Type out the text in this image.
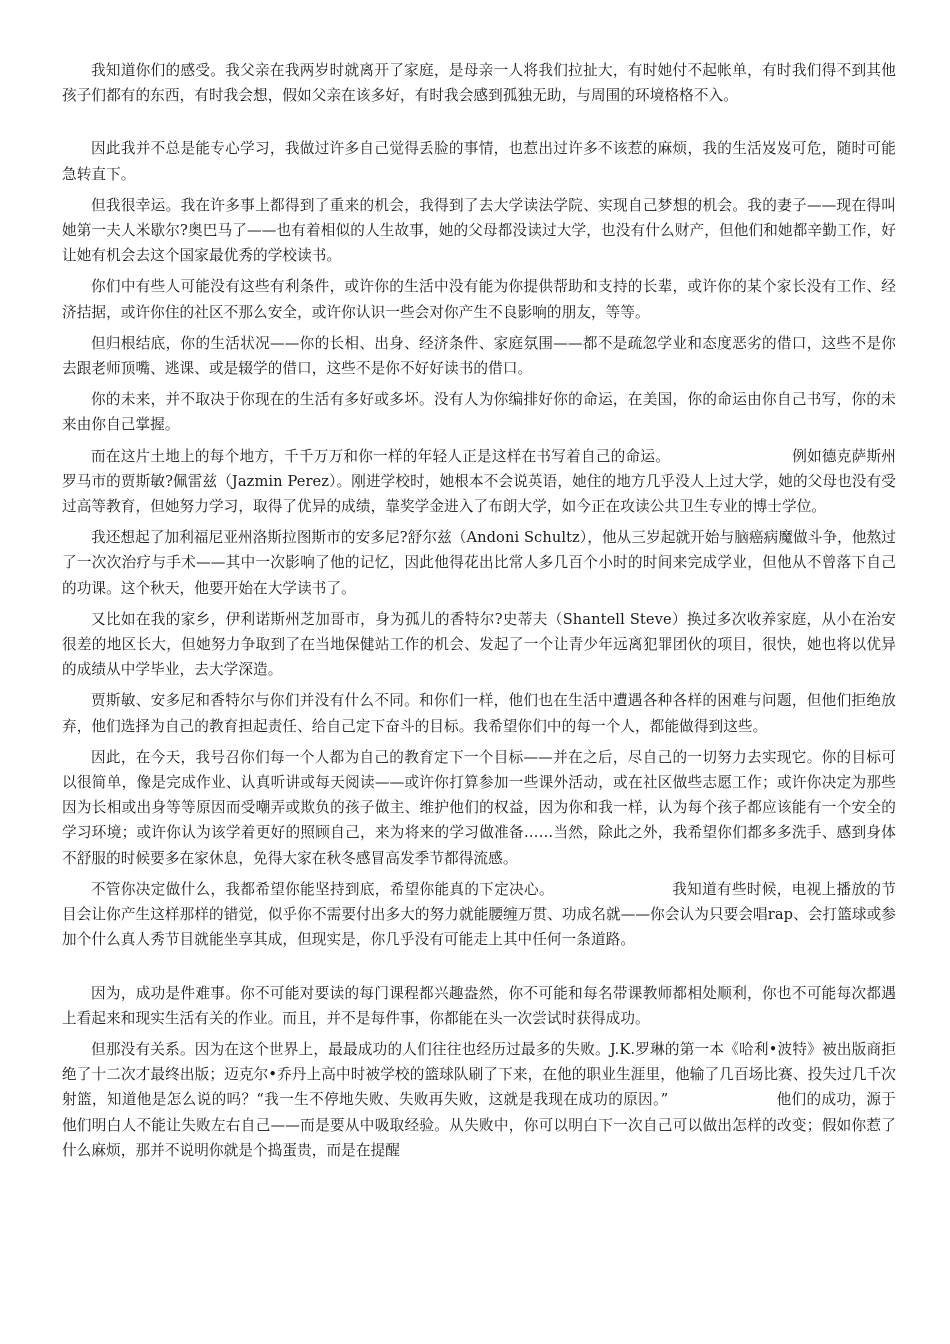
我知道你们的感受。我父亲在我两岁时就离开了家庭，是母亲一人将我们拉扯大，有时她付不起帐单，有时我们得不到其他孩子们都有的东西，有时我会想，假如父亲在该多好，有时我会感到孤独无助，与周围的环境格格不入。

因此我并不总是能专心学习，我做过许多自己觉得丢脸的事情，也惹出过许多不该惹的麻烦，我的生活岌岌可危，随时可能急转直下。

但我很幸运。我在许多事上都得到了重来的机会，我得到了去大学读法学院、实现自己梦想的机会。我的妻子——现在得叫她第一夫人米歇尔?奥巴马了——也有着相似的人生故事，她的父母都没读过大学，也没有什么财产，但他们和她都辛勤工作，好让她有机会去这个国家最优秀的学校读书。

你们中有些人可能没有这些有利条件，或许你的生活中没有能为你提供帮助和支持的长辈，或许你的某个家长没有工作、经济拮据，或许你住的社区不那么安全，或许你认识一些会对你产生不良影响的朋友，等等。

但归根结底，你的生活状况——你的长相、出身、经济条件、家庭氛围——都不是疏忽学业和态度恶劣的借口，这些不是你去跟老师顶嘴、逃课、或是辍学的借口，这些不是你不好好读书的借口。

你的未来，并不取决于你现在的生活有多好或多坏。没有人为你编排好你的命运，在美国，你的命运由你自己书写，你的未来由你自己掌握。

而在这片土地上的每个地方，千千万万和你一样的年轻人正是这样在书写着自己的命运。	例如德克萨斯州罗马市的贾斯敏?佩雷兹（Jazmin Perez）。刚进学校时，她根本不会说英语，她住的地方几乎没人上过大学，她的父母也没有受过高等教育，但她努力学习，取得了优异的成绩，靠奖学金进入了布朗大学，如今正在攻读公共卫生专业的博士学位。

我还想起了加利福尼亚州洛斯拉图斯市的安多尼?舒尔兹（Andoni Schultz），他从三岁起就开始与脑癌病魔做斗争，他熬过了一次次治疗与手术——其中一次影响了他的记忆，因此他得花出比常人多几百个小时的时间来完成学业，但他从不曾落下自己的功课。这个秋天，他要开始在大学读书了。

又比如在我的家乡，伊利诺斯州芝加哥市，身为孤儿的香特尔?史蒂夫（Shantell Steve）换过多次收养家庭，从小在治安很差的地区长大，但她努力争取到了在当地保健站工作的机会、发起了一个让青少年远离犯罪团伙的项目，很快，她也将以优异的成绩从中学毕业，去大学深造。

贾斯敏、安多尼和香特尔与你们并没有什么不同。和你们一样，他们也在生活中遭遇各种各样的困难与问题，但他们拒绝放弃，他们选择为自己的教育担起责任、给自己定下奋斗的目标。我希望你们中的每一个人，都能做得到这些。

因此，在今天，我号召你们每一个人都为自己的教育定下一个目标——并在之后，尽自己的一切努力去实现它。你的目标可以很简单，像是完成作业、认真听讲或每天阅读——或许你打算参加一些课外活动，或在社区做些志愿工作；或许你决定为那些因为长相或出身等等原因而受嘲弄或欺负的孩子做主、维护他们的权益，因为你和我一样，认为每个孩子都应该能有一个安全的学习环境；或许你认为该学着更好的照顾自己，来为将来的学习做准备……当然，除此之外，我希望你们都多多洗手、感到身体不舒服的时候要多在家休息，免得大家在秋冬感冒高发季节都得流感。

不管你决定做什么，我都希望你能坚持到底，希望你能真的下定决心。	我知道有些时候，电视上播放的节目会让你产生这样那样的错觉，似乎你不需要付出多大的努力就能腰缠万贯、功成名就——你会认为只要会唱rap、会打篮球或参加个什么真人秀节目就能坐享其成，但现实是，你几乎没有可能走上其中任何一条道路。

因为，成功是件难事。你不可能对要读的每门课程都兴趣盎然，你不可能和每名带课教师都相处顺利，你也不可能每次都遇上看起来和现实生活有关的作业。而且，并不是每件事，你都能在头一次尝试时获得成功。

但那没有关系。因为在这个世界上，最最成功的人们往往也经历过最多的失败。J.K.罗琳的第一本《哈利•波特》被出版商拒绝了十二次才最终出版；迈克尔•乔丹上高中时被学校的篮球队刷了下来，在他的职业生涯里，他输了几百场比赛、投失过几千次射篮，知道他是怎么说的吗？“我一生不停地失败、失败再失败，这就是我现在成功的原因。”	他们的成功，源于他们明白人不能让失败左右自己——而是要从中吸取经验。从失败中，你可以明白下一次自己可以做出怎样的改变；假如你惹了什么麻烦，那并不说明你就是个捣蛋贵，而是在提醒
